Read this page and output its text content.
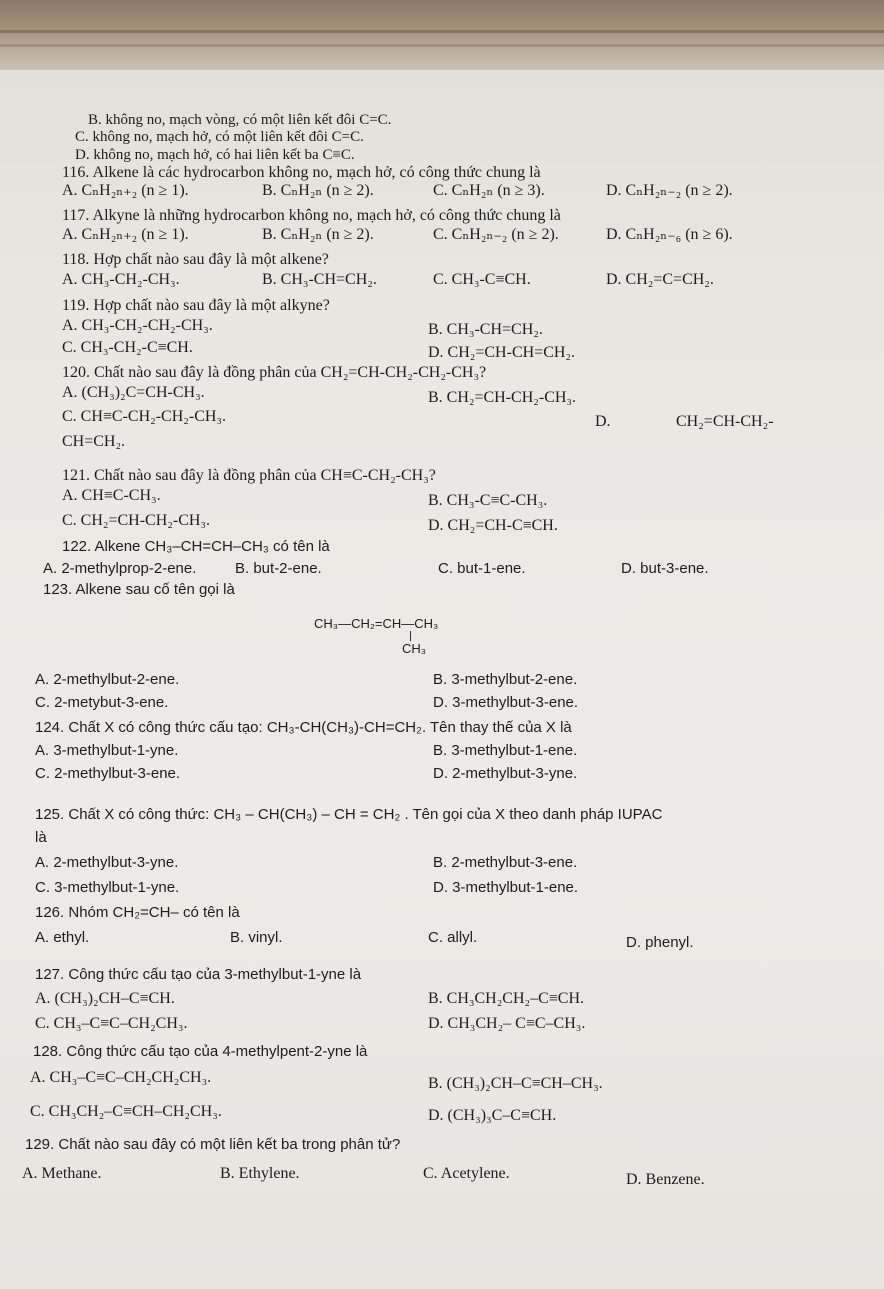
B. không no, mạch vòng, có một liên kết đôi C=C.
C. không no, mạch hở, có một liên kết đôi C=C.
D. không no, mạch hở, có hai liên kết ba C≡C.
116. Alkene là các hydrocarbon không no, mạch hở, có công thức chung là
A. CₙH₂ₙ₊₂ (n ≥ 1).	B. CₙH₂ₙ (n ≥ 2).	C. CₙH₂ₙ (n ≥ 3).	D. CₙH₂ₙ₋₂ (n ≥ 2).
117. Alkyne là những hydrocarbon không no, mạch hở, có công thức chung là
A. CₙH₂ₙ₊₂ (n ≥ 1).	B. CₙH₂ₙ (n ≥ 2).	C. CₙH₂ₙ₋₂ (n ≥ 2).	D. CₙH₂ₙ₋₆ (n ≥ 6).
118. Hợp chất nào sau đây là một alkene?
A. CH₃-CH₂-CH₃.	B. CH₃-CH=CH₂.	C. CH₃-C≡CH.	D. CH₂=C=CH₂.
119. Hợp chất nào sau đây là một alkyne?
A. CH₃-CH₂-CH₂-CH₃.	B. CH₃-CH=CH₂.
C. CH₃-CH₂-C≡CH.	D. CH₂=CH-CH=CH₂.
120. Chất nào sau đây là đồng phân của CH₂=CH-CH₂-CH₂-CH₃?
A. (CH₃)₂C=CH-CH₃.	B. CH₂=CH-CH₂-CH₃.
C. CH≡C-CH₂-CH₂-CH₃.	D.	CH₂=CH-CH₂-
CH=CH₂.
121. Chất nào sau đây là đồng phân của CH≡C-CH₂-CH₃?
A. CH≡C-CH₃.	B. CH₃-C≡C-CH₃.
C. CH₂=CH-CH₂-CH₃.	D. CH₂=CH-C≡CH.
122. Alkene CH₃–CH=CH–CH₃ có tên là
A. 2-methylprop-2-ene.	B. but-2-ene.	C. but-1-ene.	D. but-3-ene.
123. Alkene sau cố tên gọi là
CH₃—CH₂=CH—CH₃
CH₃
A. 2-methylbut-2-ene.	B. 3-methylbut-2-ene.
C. 2-metybut-3-ene.	D. 3-methylbut-3-ene.
124. Chất X có công thức cấu tạo: CH₃-CH(CH₃)-CH=CH₂. Tên thay thế của X là
A. 3-methylbut-1-yne.	B. 3-methylbut-1-ene.
C. 2-methylbut-3-ene.	D. 2-methylbut-3-yne.
125. Chất X có công thức: CH₃ – CH(CH₃) – CH = CH₂ . Tên gọi của X theo danh pháp IUPAC
là
A. 2-methylbut-3-yne.	B. 2-methylbut-3-ene.
C. 3-methylbut-1-yne.	D. 3-methylbut-1-ene.
126. Nhóm CH₂=CH– có tên là
A. ethyl.	B. vinyl.	C. allyl.	D. phenyl.
127. Công thức cấu tạo của 3-methylbut-1-yne là
A. (CH₃)₂CH–C≡CH.	B. CH₃CH₂CH₂–C≡CH.
C. CH₃–C≡C–CH₂CH₃.	D. CH₃CH₂– C≡C–CH₃.
128. Công thức cấu tạo của 4-methylpent-2-yne là
A. CH₃–C≡C–CH₂CH₂CH₃.	B. (CH₃)₂CH–C≡CH–CH₃.
C. CH₃CH₂–C≡CH–CH₂CH₃.	D. (CH₃)₃C–C≡CH.
129. Chất nào sau đây có một liên kết ba trong phân tử?
A. Methane.	B. Ethylene.	C. Acetylene.	D. Benzene.
